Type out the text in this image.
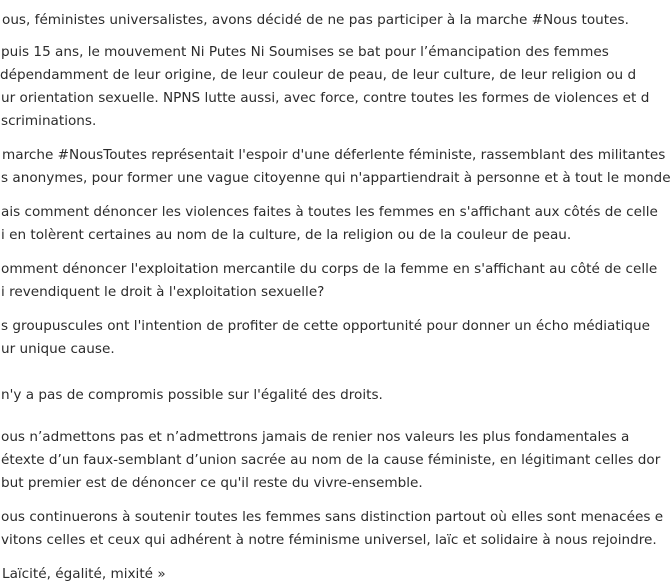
ous, féministes universalistes, avons décidé de ne pas participer à la marche #Nous toutes.
puis 15 ans, le mouvement Ni Putes Ni Soumises se bat pour l’émancipation des femmes
dépendamment de leur origine, de leur couleur de peau, de leur culture, de leur religion ou d
ur orientation sexuelle. NPNS lutte aussi, avec force, contre toutes les formes de violences et d
scriminations.
marche #NousToutes représentait l'espoir d'une déferlente féministe, rassemblant des militantes
s anonymes, pour former une vague citoyenne qui n'appartiendrait à personne et à tout le monde
ais comment dénoncer les violences faites à toutes les femmes en s'affichant aux côtés de celle
i en tolèrent certaines au nom de la culture, de la religion ou de la couleur de peau.
omment dénoncer l'exploitation mercantile du corps de la femme en s'affichant au côté de celle
i revendiquent le droit à l'exploitation sexuelle?
s groupuscules ont l'intention de profiter de cette opportunité pour donner un écho médiatique
ur unique cause.
n'y a pas de compromis possible sur l'égalité des droits.
ous n’admettons pas et n’admettrons jamais de renier nos valeurs les plus fondamentales a
étexte d’un faux-semblant d’union sacrée au nom de la cause féministe, en légitimant celles dor
but premier est de dénoncer ce qu'il reste du vivre-ensemble.
ous continuerons à soutenir toutes les femmes sans distinction partout où elles sont menacées e
vitons celles et ceux qui adhérent à notre féminisme universel, laïc et solidaire à nous rejoindre.
Laïcité, égalité, mixité »
